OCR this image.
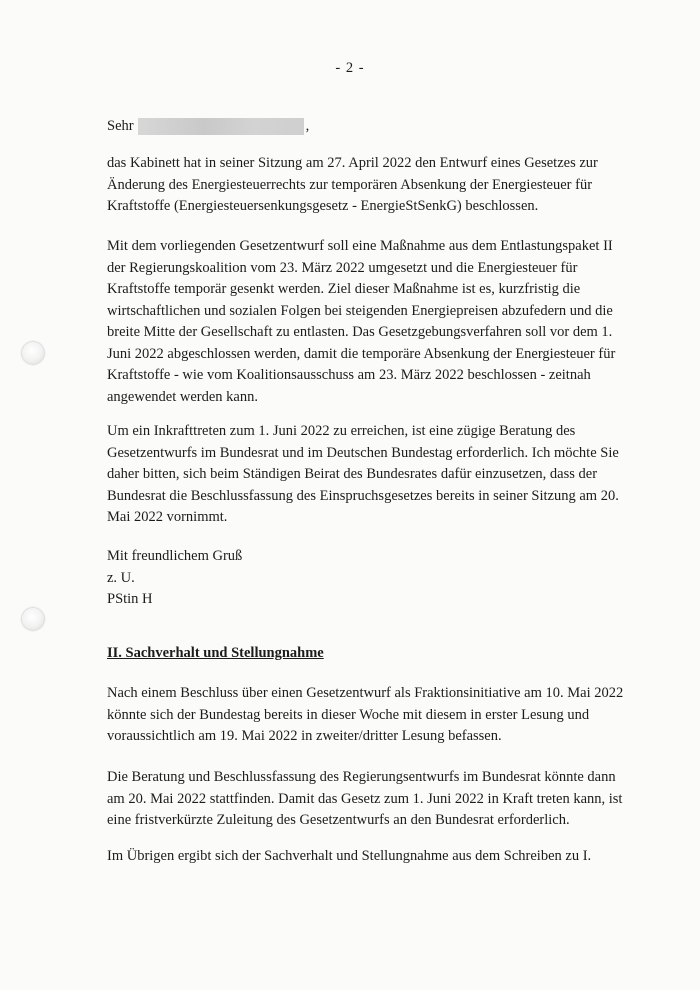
- 2 -
Sehr	,

das Kabinett hat in seiner Sitzung am 27. April 2022 den Entwurf eines Gesetzes zur Änderung des Energiesteuerrechts zur temporären Absenkung der Energiesteuer für Kraftstoffe (Energiesteuersenkungsgesetz - EnergieStSenkG) beschlossen.

Mit dem vorliegenden Gesetzentwurf soll eine Maßnahme aus dem Entlastungspaket II der Regierungskoalition vom 23. März 2022 umgesetzt und die Energiesteuer für Kraftstoffe temporär gesenkt werden. Ziel dieser Maßnahme ist es, kurzfristig die wirtschaftlichen und sozialen Folgen bei steigenden Energiepreisen abzufedern und die breite Mitte der Gesellschaft zu entlasten. Das Gesetzgebungsverfahren soll vor dem 1. Juni 2022 abgeschlossen werden, damit die temporäre Absenkung der Energiesteuer für Kraftstoffe - wie vom Koalitionsausschuss am 23. März 2022 beschlossen - zeitnah angewendet werden kann.

Um ein Inkrafttreten zum 1. Juni 2022 zu erreichen, ist eine zügige Beratung des Gesetzentwurfs im Bundesrat und im Deutschen Bundestag erforderlich. Ich möchte Sie daher bitten, sich beim Ständigen Beirat des Bundesrates dafür einzusetzen, dass der Bundesrat die Beschlussfassung des Einspruchsgesetzes bereits in seiner Sitzung am 20. Mai 2022 vornimmt.

Mit freundlichem Gruß
z. U.
PStin H
II. Sachverhalt und Stellungnahme

Nach einem Beschluss über einen Gesetzentwurf als Fraktionsinitiative am 10. Mai 2022 könnte sich der Bundestag bereits in dieser Woche mit diesem in erster Lesung und voraussichtlich am 19. Mai 2022 in zweiter/dritter Lesung befassen.

Die Beratung und Beschlussfassung des Regierungsentwurfs im Bundesrat könnte dann am 20. Mai 2022 stattfinden. Damit das Gesetz zum 1. Juni 2022 in Kraft treten kann, ist eine fristverkürzte Zuleitung des Gesetzentwurfs an den Bundesrat erforderlich.

Im Übrigen ergibt sich der Sachverhalt und Stellungnahme aus dem Schreiben zu I.
